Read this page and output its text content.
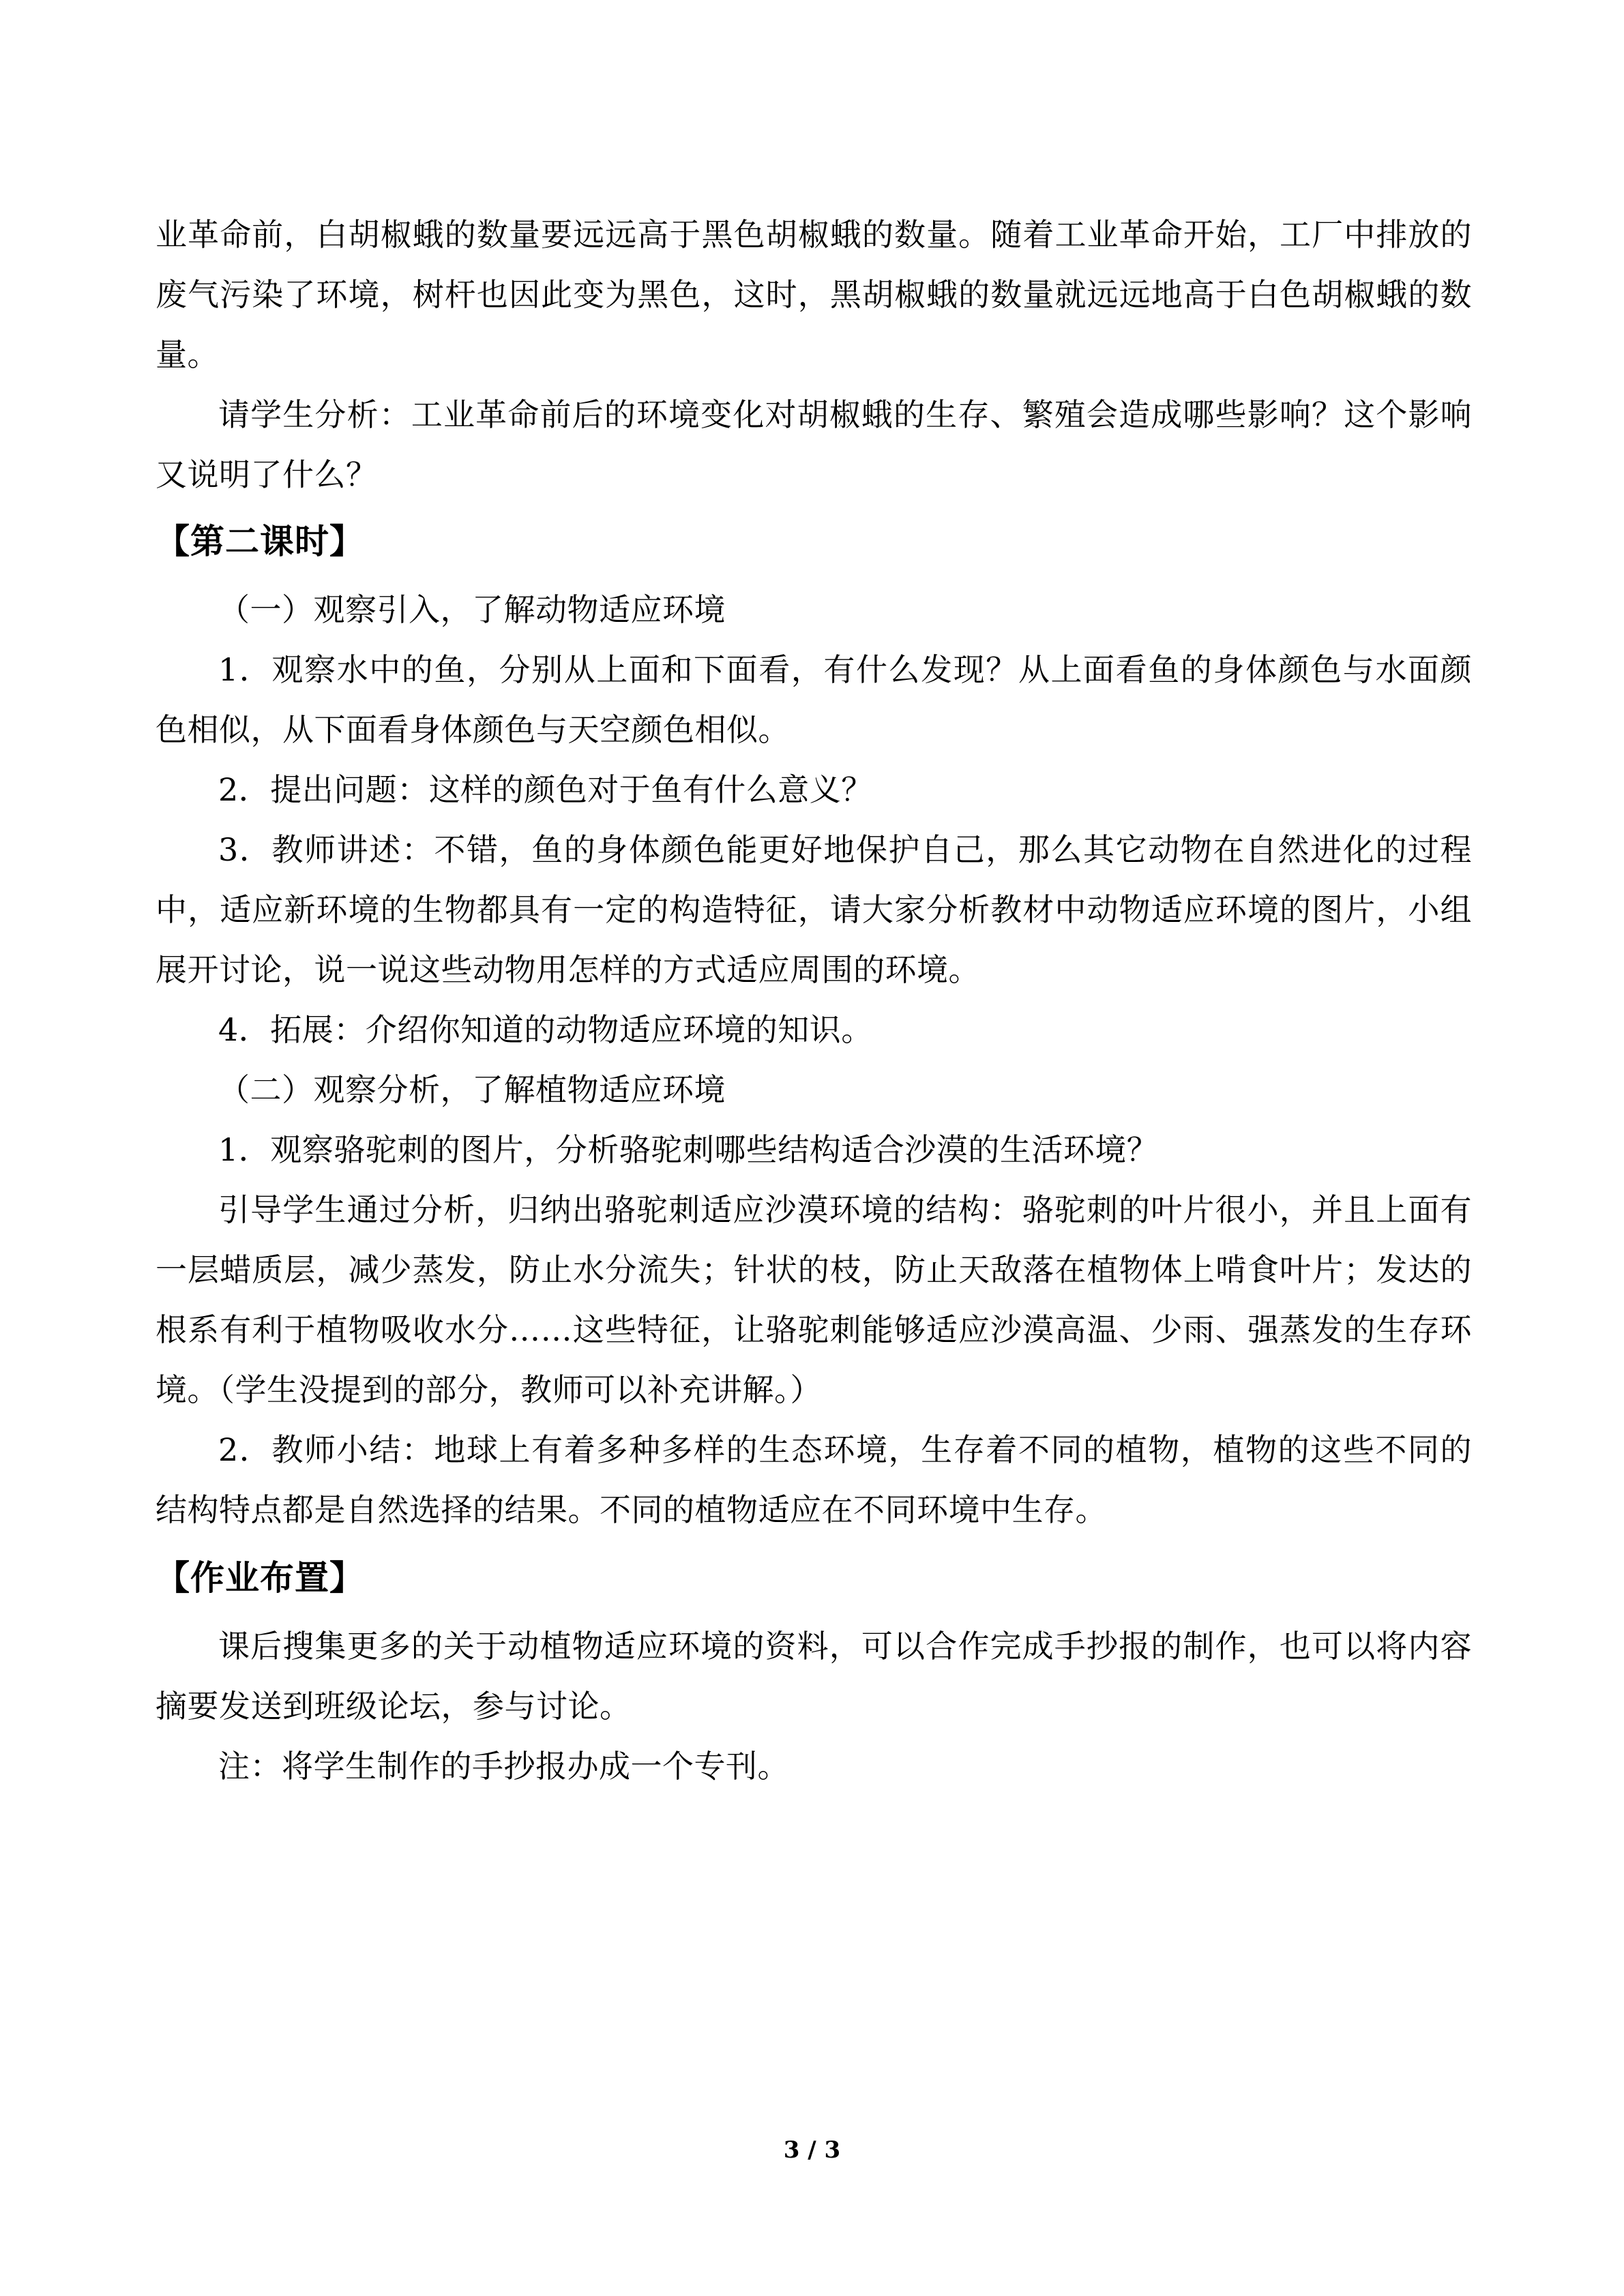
业革命前，白胡椒蛾的数量要远远高于黑色胡椒蛾的数量。随着工业革命开始，工厂中排放的废气污染了环境，树杆也因此变为黑色，这时，黑胡椒蛾的数量就远远地高于白色胡椒蛾的数量。

请学生分析：工业革命前后的环境变化对胡椒蛾的生存、繁殖会造成哪些影响？这个影响又说明了什么？

【第二课时】

（一）观察引入，了解动物适应环境

1．观察水中的鱼，分别从上面和下面看，有什么发现？从上面看鱼的身体颜色与水面颜色相似，从下面看身体颜色与天空颜色相似。

2．提出问题：这样的颜色对于鱼有什么意义？

3．教师讲述：不错，鱼的身体颜色能更好地保护自己，那么其它动物在自然进化的过程中，适应新环境的生物都具有一定的构造特征，请大家分析教材中动物适应环境的图片，小组展开讨论，说一说这些动物用怎样的方式适应周围的环境。

4．拓展：介绍你知道的动物适应环境的知识。

（二）观察分析，了解植物适应环境

1．观察骆驼刺的图片，分析骆驼刺哪些结构适合沙漠的生活环境？

引导学生通过分析，归纳出骆驼刺适应沙漠环境的结构：骆驼刺的叶片很小，并且上面有一层蜡质层，减少蒸发，防止水分流失；针状的枝，防止天敌落在植物体上啃食叶片；发达的根系有利于植物吸收水分……这些特征，让骆驼刺能够适应沙漠高温、少雨、强蒸发的生存环境。（学生没提到的部分，教师可以补充讲解。）

2．教师小结：地球上有着多种多样的生态环境，生存着不同的植物，植物的这些不同的结构特点都是自然选择的结果。不同的植物适应在不同环境中生存。

【作业布置】

课后搜集更多的关于动植物适应环境的资料，可以合作完成手抄报的制作，也可以将内容摘要发送到班级论坛，参与讨论。

注：将学生制作的手抄报办成一个专刊。

3 / 3
